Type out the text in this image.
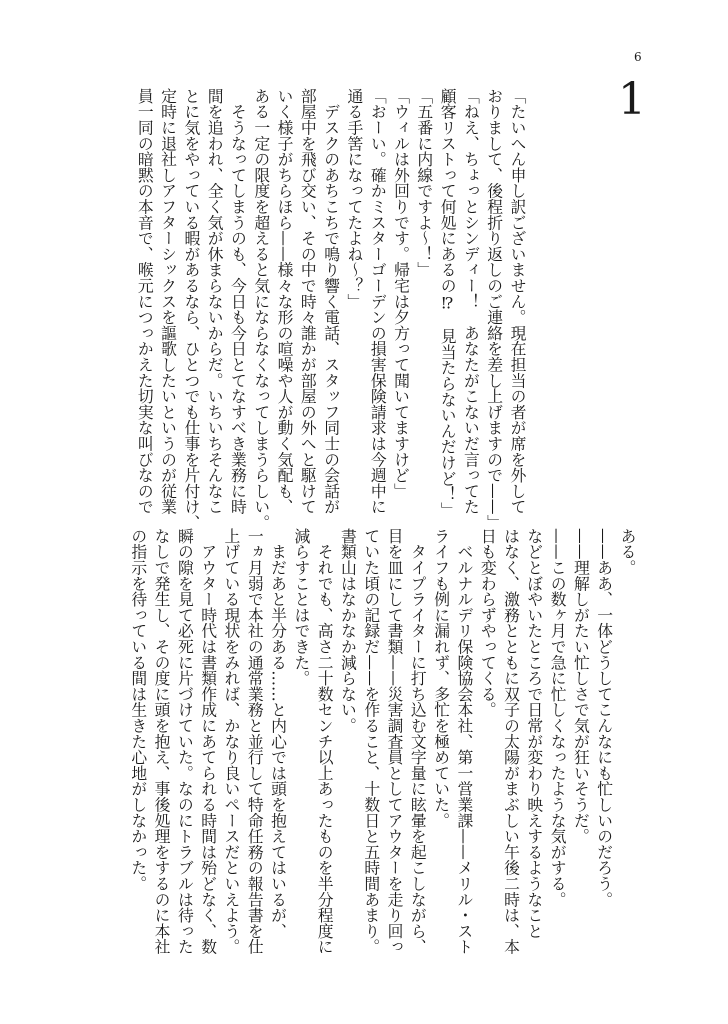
6
1
「たいへん申し訳ございません。現在担当の者が席を外して
おりまして、後程折り返しのご連絡を差し上げますので——」
「ねえ、ちょっとシンディー！　あなたがこないだ言ってた
顧客リストって何処にあるの⁉　見当たらないんだけど！」
「五番に内線ですよ〜！」
「ウィルは外回りです。帰宅は夕方って聞いてますけど」
「おーい。確かミスターゴーデンの損害保険請求は今週中に
通る手筈になってたよね〜？」
　デスクのあちこちで鳴り響く電話、スタッフ同士の会話が
部屋中を飛び交い、その中で時々誰かが部屋の外へと駆けて
いく様子がちらほら——様々な形の喧噪や人が動く気配も、
ある一定の限度を超えると気にならなくなってしまうらしい。
　そうなってしまうのも、今日も今日とてなすべき業務に時
間を追われ、全く気が休まらないからだ。いちいちそんなこ
とに気をやっている暇があるなら、ひとつでも仕事を片付け、
定時に退社しアフターシックスを謳歌したいというのが従業
員一同の暗黙の本音で、喉元につっかえた切実な叫びなので
ある。
——ああ、一体どうしてこんなにも忙しいのだろう。
——理解しがたい忙しさで気が狂いそうだ。
——この数ヶ月で急に忙しくなったような気がする。
などとぼやいたところで日常が変わり映えするようなこと
はなく、激務とともに双子の太陽がまぶしい午後二時は、本
日も変わらずやってくる。
　ベルナルデリ保険協会本社、第一営業課——メリル・スト
ライフも例に漏れず、多忙を極めていた。
　タイプライターに打ち込む文字量に眩暈を起こしながら、
目を皿にして書類——災害調査員としてアウターを走り回っ
ていた頃の記録だ——を作ること、十数日と五時間あまり。
書類山はなかなか減らない。
　それでも、高さ二十数センチ以上あったものを半分程度に
減らすことはできた。
　まだあと半分ある……と内心では頭を抱えてはいるが、
一ヵ月弱で本社の通常業務と並行して特命任務の報告書を仕
上げている現状をみれば、かなり良いペースだといえよう。
　アウター時代は書類作成にあてられる時間は殆どなく、数
瞬の隙を見て必死に片づけていた。なのにトラブルは待った
なしで発生し、その度に頭を抱え、事後処理をするのに本社
の指示を待っている間は生きた心地がしなかった。
